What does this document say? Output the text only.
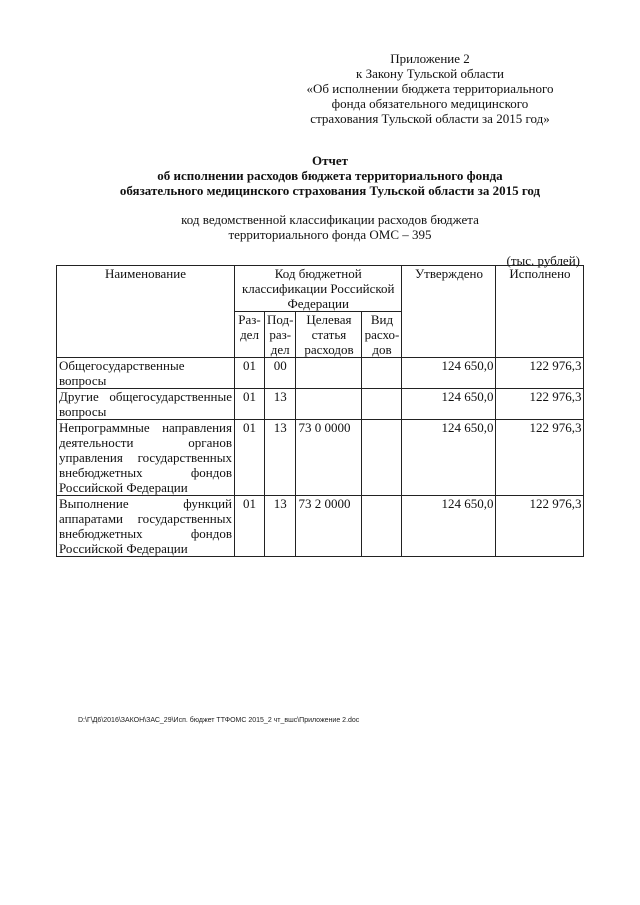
Приложение 2
к Закону Тульской области
«Об исполнении бюджета территориального
фонда обязательного медицинского
страхования Тульской области за 2015 год»
Отчет
об исполнении расходов бюджета территориального фонда
обязательного медицинского страхования Тульской области за 2015 год
код ведомственной классификации расходов бюджета
территориального фонда ОМС – 395
(тыс. рублей)
Наименование	Код бюджетной классификации Российской Федерации				Утверждено	Исполнено
	Раз-дел	Под-раз-дел	Целевая статья расходов	Вид расхо-дов		
Общегосударственные вопросы	01	00			124 650,0	122 976,3
Другие общегосударственные вопросы	01	13			124 650,0	122 976,3
Непрограммные направления деятельности органов управления государственных внебюджетных фондов Российской Федерации	01	13	73 0 0000		124 650,0	122 976,3
Выполнение функций аппаратами государственных внебюджетных фондов Российской Федерации	01	13	73 2 0000		124 650,0	122 976,3
D:\Г\Д6\2016\ЗАКОН\ЗАС_29\Исп. бюджет ТТФОМС 2015_2 чт_вшс\Приложение 2.doc
